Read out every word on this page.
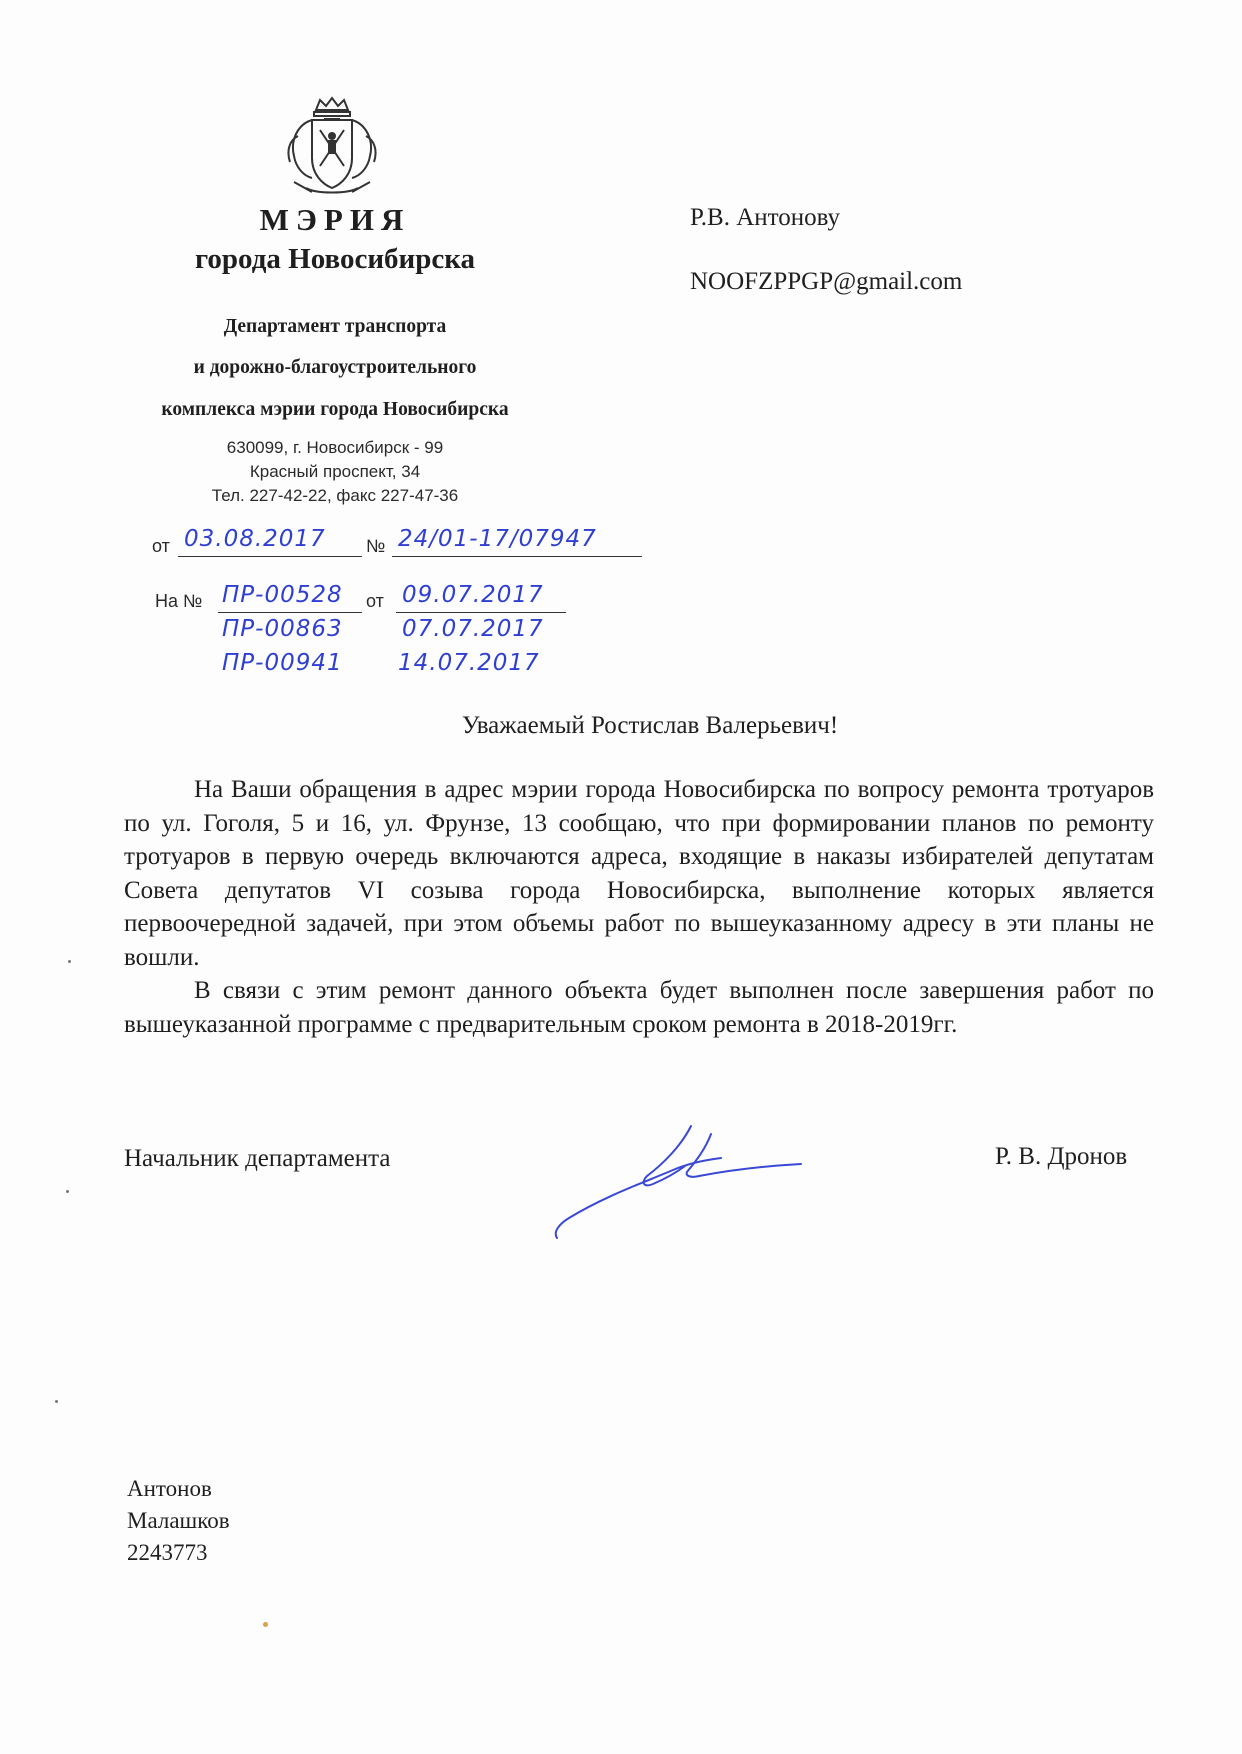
МЭРИЯ
города Новосибирска
Департамент транспорта
и дорожно-благоустроительного
комплекса мэрии города Новосибирска
630099, г. Новосибирск - 99
Красный проспект, 34
Тел. 227-42-22, факс 227-47-36
от 03.08.2017 № 24/01-17/07947
На № ПР-00528 от 09.07.2017
ПР-00863	07.07.2017
ПР-00941 14.07.2017
Р.В. Антонову
NOOFZPPGP@gmail.com
Уважаемый Ростислав Валерьевич!

На Ваши обращения в адрес мэрии города Новосибирска по вопросу ремонта тротуаров по ул. Гоголя, 5 и 16, ул. Фрунзе, 13 сообщаю, что при формировании планов по ремонту тротуаров в первую очередь включаются адреса, входящие в наказы избирателей депутатам Совета депутатов VI созыва города Новосибирска, выполнение которых является первоочередной задачей, при этом объемы работ по вышеуказанному адресу в эти планы не вошли.

В связи с этим ремонт данного объекта будет выполнен после завершения работ по вышеуказанной программе с предварительным сроком ремонта в 2018-2019гг.

Начальник департамента	Р. В. Дронов
Антонов
Малашков
2243773
